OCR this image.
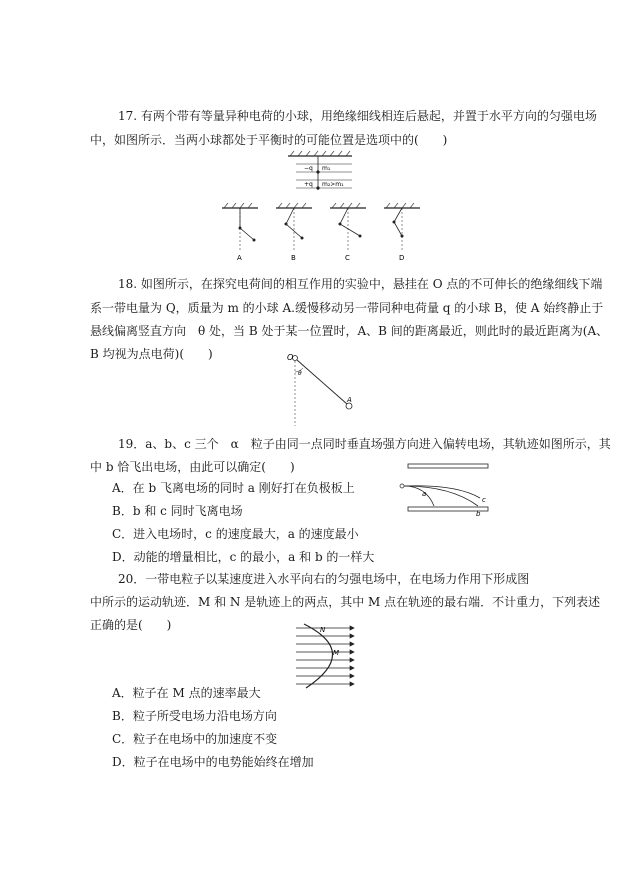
17. 有两个带有等量异种电荷的小球，用绝缘细线相连后悬起，并置于水平方向的匀强电场
中，如图所示．当两小球都处于平衡时的可能位置是选项中的(　　)
−q m₁
+q m₂>m₁
A	B	C	D
18. 如图所示，在探究电荷间的相互作用的实验中，悬挂在 O 点的不可伸长的绝缘细线下端
系一带电量为 Q，质量为 m 的小球 A.缓慢移动另一带同种电荷量 q 的小球 B，使 A 始终静止于
悬线偏离竖直方向　θ 处，当 B 处于某一位置时，A、B 间的距离最近，则此时的最近距离为(A、
B 均视为点电荷)(　　)	O
θ
A
19．a、b、c 三个　α　粒子由同一点同时垂直场强方向进入偏转电场，其轨迹如图所示，其
中 b 恰飞出电场，由此可以确定(　　)
A．在 b 飞离电场的同时 a 刚好打在负极板上
B．b 和 c 同时飞离电场
C．进入电场时，c 的速度最大，a 的速度最小
D．动能的增量相比，c 的最小，a 和 b 的一样大
a
b
c
20．一带电粒子以某速度进入水平向右的匀强电场中，在电场力作用下形成图
中所示的运动轨迹．M 和 N 是轨迹上的两点，其中 M 点在轨迹的最右端．不计重力，下列表述
正确的是(　　)	N
M
A．粒子在 M 点的速率最大
B．粒子所受电场力沿电场方向
C．粒子在电场中的加速度不变
D．粒子在电场中的电势能始终在增加
